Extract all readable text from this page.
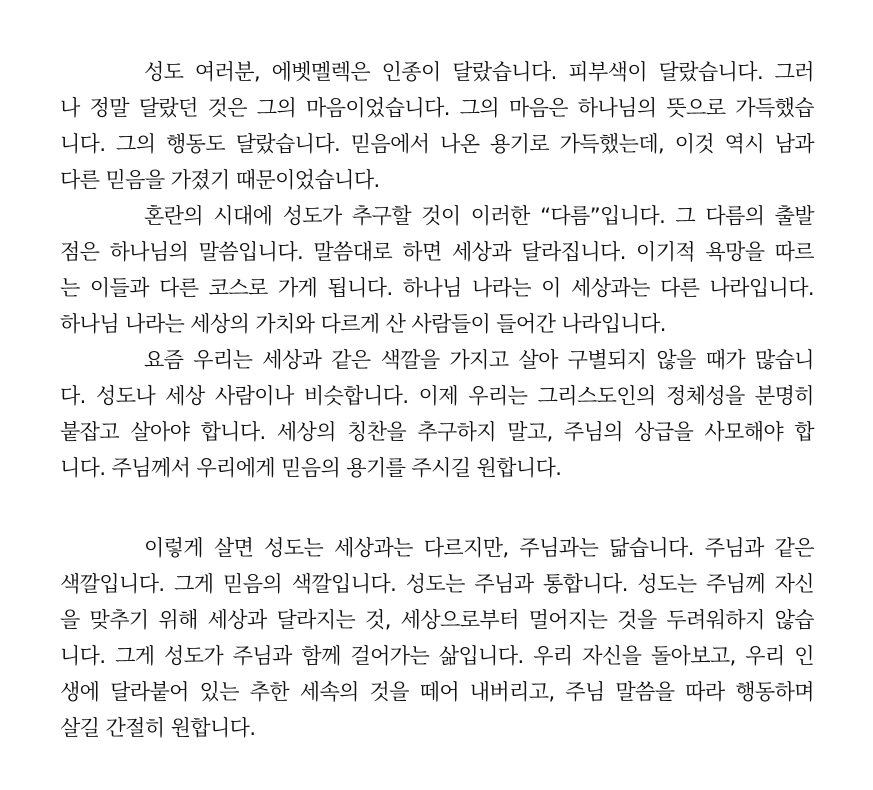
성도 여러분, 에벳멜렉은 인종이 달랐습니다. 피부색이 달랐습니다. 그러
나 정말 달랐던 것은 그의 마음이었습니다. 그의 마음은 하나님의 뜻으로 가득했습
니다. 그의 행동도 달랐습니다. 믿음에서 나온 용기로 가득했는데, 이것 역시 남과
다른 믿음을 가졌기 때문이었습니다.
혼란의 시대에 성도가 추구할 것이 이러한 “다름”입니다. 그 다름의 출발
점은 하나님의 말씀입니다. 말씀대로 하면 세상과 달라집니다. 이기적 욕망을 따르
는 이들과 다른 코스로 가게 됩니다. 하나님 나라는 이 세상과는 다른 나라입니다.
하나님 나라는 세상의 가치와 다르게 산 사람들이 들어간 나라입니다.
요즘 우리는 세상과 같은 색깔을 가지고 살아 구별되지 않을 때가 많습니
다. 성도나 세상 사람이나 비슷합니다. 이제 우리는 그리스도인의 정체성을 분명히
붙잡고 살아야 합니다. 세상의 칭찬을 추구하지 말고, 주님의 상급을 사모해야 합
니다. 주님께서 우리에게 믿음의 용기를 주시길 원합니다.
이렇게 살면 성도는 세상과는 다르지만, 주님과는 닮습니다. 주님과 같은
색깔입니다. 그게 믿음의 색깔입니다. 성도는 주님과 통합니다. 성도는 주님께 자신
을 맞추기 위해 세상과 달라지는 것, 세상으로부터 멀어지는 것을 두려워하지 않습
니다. 그게 성도가 주님과 함께 걸어가는 삶입니다. 우리 자신을 돌아보고, 우리 인
생에 달라붙어 있는 추한 세속의 것을 떼어 내버리고, 주님 말씀을 따라 행동하며
살길 간절히 원합니다.
